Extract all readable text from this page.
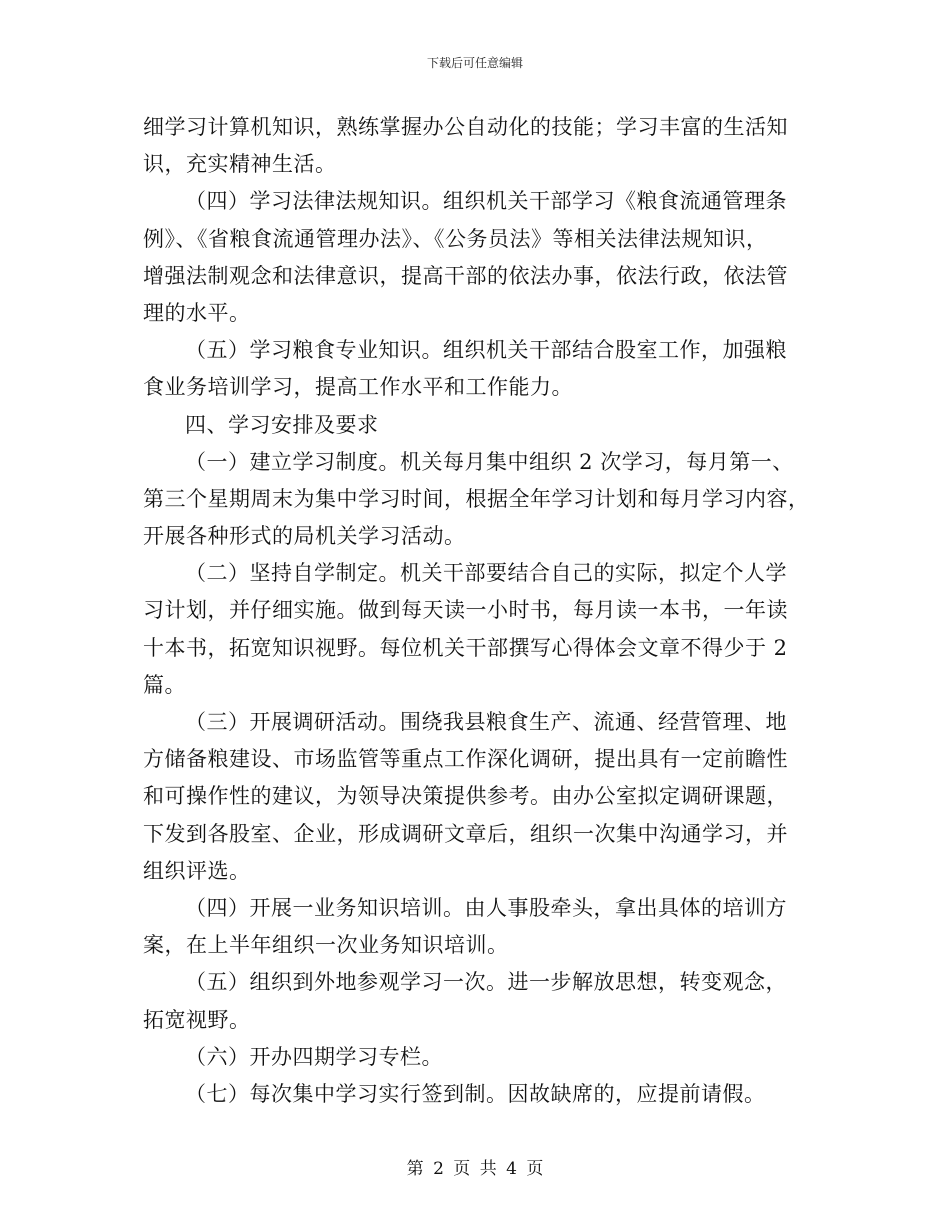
下载后可任意编辑
细学习计算机知识，熟练掌握办公自动化的技能；学习丰富的生活知
识，充实精神生活。
（四）学习法律法规知识。组织机关干部学习《粮食流通管理条
例》、《省粮食流通管理办法》、《公务员法》等相关法律法规知识，
增强法制观念和法律意识，提高干部的依法办事，依法行政，依法管
理的水平。
（五）学习粮食专业知识。组织机关干部结合股室工作，加强粮
食业务培训学习，提高工作水平和工作能力。
四、学习安排及要求
（一）建立学习制度。机关每月集中组织 2 次学习，每月第一、
第三个星期周末为集中学习时间，根据全年学习计划和每月学习内容，
开展各种形式的局机关学习活动。
（二）坚持自学制定。机关干部要结合自己的实际，拟定个人学
习计划，并仔细实施。做到每天读一小时书，每月读一本书，一年读
十本书，拓宽知识视野。每位机关干部撰写心得体会文章不得少于 2
篇。
（三）开展调研活动。围绕我县粮食生产、流通、经营管理、地
方储备粮建设、市场监管等重点工作深化调研，提出具有一定前瞻性
和可操作性的建议，为领导决策提供参考。由办公室拟定调研课题，
下发到各股室、企业，形成调研文章后，组织一次集中沟通学习，并
组织评选。
（四）开展一业务知识培训。由人事股牵头，拿出具体的培训方
案，在上半年组织一次业务知识培训。
（五）组织到外地参观学习一次。进一步解放思想，转变观念，
拓宽视野。
（六）开办四期学习专栏。
（七）每次集中学习实行签到制。因故缺席的，应提前请假。
第 2 页 共 4 页
